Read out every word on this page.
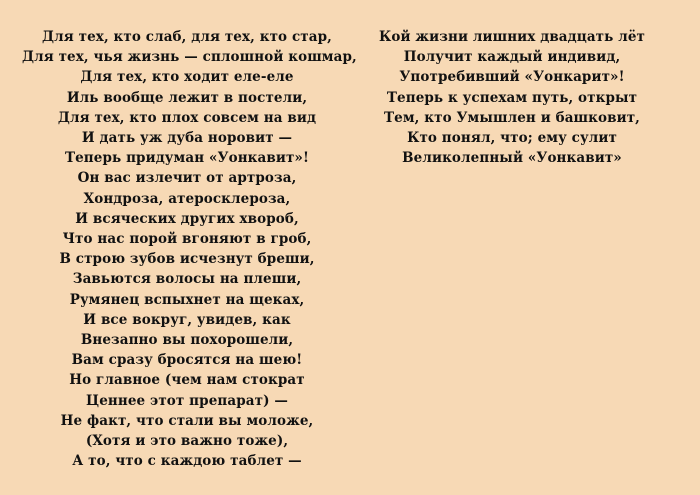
Для тех, кто слаб, для тех, кто стар,
Для тех, чья жизнь — сплошной кошмар,
Для тех, кто ходит еле-еле
Иль вообще лежит в постели,
Для тех, кто плох совсем на вид
И дать уж дуба норовит —
Теперь придуман «Уонкавит»!
Он вас излечит от артроза,
Хондроза, атеросклероза,
И всяческих других хвороб,
Что нас порой вгоняют в гроб,
В строю зубов исчезнут бреши,
Завьются волосы на плеши,
Румянец вспыхнет на щеках,
И все вокруг, увидев, как
Внезапно вы похорошели,
Вам сразу бросятся на шею!
Но главное (чем нам стократ
Ценнее этот препарат) —
Не факт, что стали вы моложе,
(Хотя и это важно тоже),
А то, что с каждою таблет —
Кой жизни лишних двадцать лёт
Получит каждый индивид,
Употребивший «Уонкарит»!
Теперь к успехам путь, открыт
Тем, кто Умышлен и башковит,
Кто понял, что; ему сулит
Великолепный «Уонкавит»
